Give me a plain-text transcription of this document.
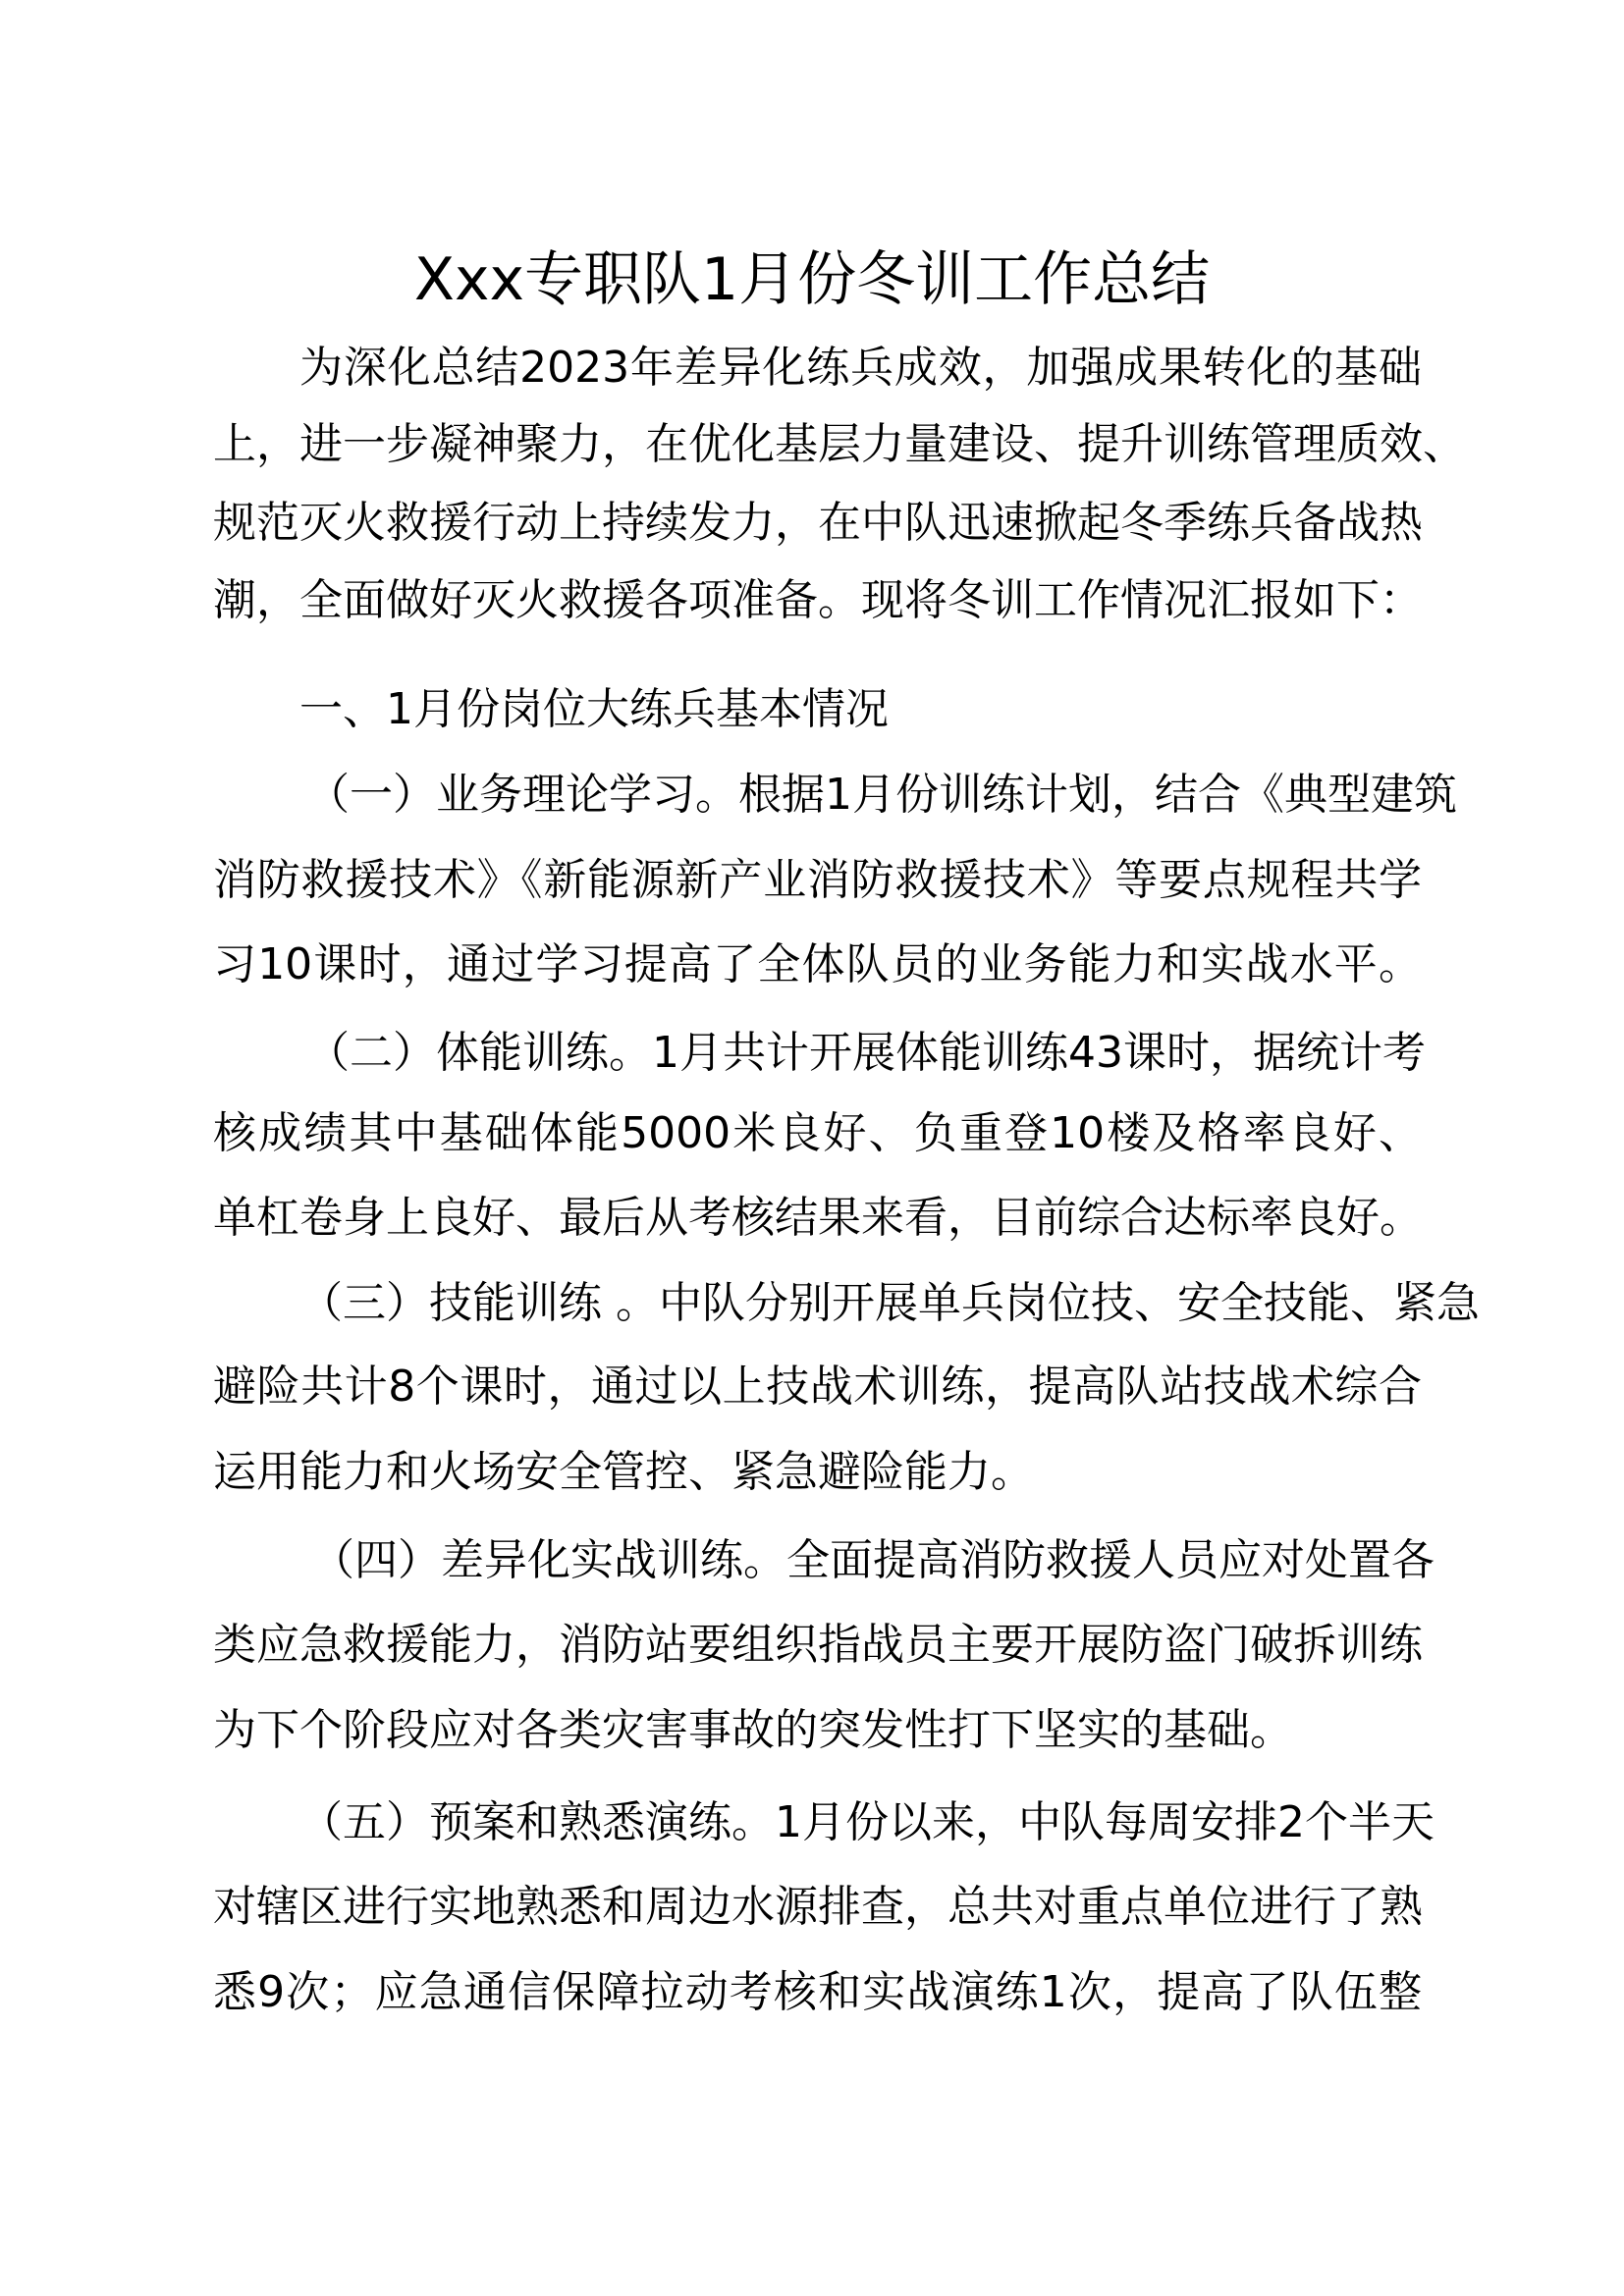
Xxx专职队1月份冬训工作总结
为深化总结2023年差异化练兵成效，加强成果转化的基础
上，进一步凝神聚力，在优化基层力量建设、提升训练管理质效、
规范灭火救援行动上持续发力，在中队迅速掀起冬季练兵备战热
潮，全面做好灭火救援各项准备。现将冬训工作情况汇报如下：
一、1月份岗位大练兵基本情况
（一）业务理论学习。根据1月份训练计划，结合《典型建筑
消防救援技术》《新能源新产业消防救援技术》等要点规程共学
习10课时，通过学习提高了全体队员的业务能力和实战水平。
（二）体能训练。1月共计开展体能训练43课时，据统计考
核成绩其中基础体能5000米良好、负重登10楼及格率良好、
单杠卷身上良好、最后从考核结果来看，目前综合达标率良好。
（三）技能训练 。中队分别开展单兵岗位技、安全技能、紧急
避险共计8个课时，通过以上技战术训练，提高队站技战术综合
运用能力和火场安全管控、紧急避险能力。
（四）差异化实战训练。全面提高消防救援人员应对处置各
类应急救援能力，消防站要组织指战员主要开展防盗门破拆训练
为下个阶段应对各类灾害事故的突发性打下坚实的基础。
（五）预案和熟悉演练。1月份以来，中队每周安排2个半天
对辖区进行实地熟悉和周边水源排查，总共对重点单位进行了熟
悉9次；应急通信保障拉动考核和实战演练1次，提高了队伍整
